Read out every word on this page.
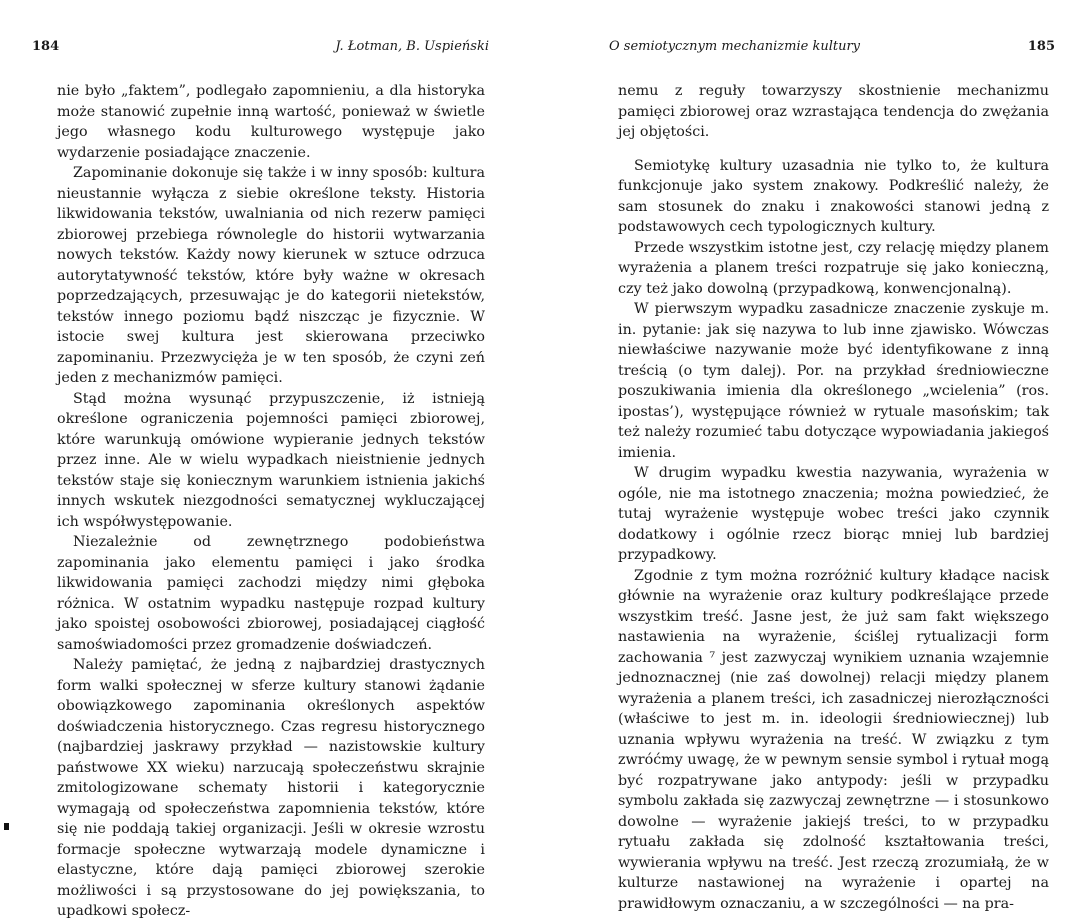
184	J. Łotman, B. Uspieński

nie było „faktem”, podlegało zapomnieniu, a dla historyka może stanowić zupełnie inną wartość, ponieważ w świetle jego własnego kodu kulturowego występuje jako wydarzenie posiadające znaczenie.

Zapominanie dokonuje się także i w inny sposób: kultura nieustannie wyłącza z siebie określone teksty. Historia likwidowania tekstów, uwalniania od nich rezerw pamięci zbiorowej przebiega równolegle do historii wytwarzania nowych tekstów. Każdy nowy kierunek w sztuce odrzuca autorytatywność tekstów, które były ważne w okresach poprzedzających, przesuwając je do kategorii nietekstów, tekstów innego poziomu bądź niszcząc je fizycznie. W istocie swej kultura jest skierowana przeciwko zapominaniu. Przezwycięża je w ten sposób, że czyni zeń jeden z mechanizmów pamięci.

Stąd można wysunąć przypuszczenie, iż istnieją określone ograniczenia pojemności pamięci zbiorowej, które warunkują omówione wypieranie jednych tekstów przez inne. Ale w wielu wypadkach nieistnienie jednych tekstów staje się koniecznym warunkiem istnienia jakichś innych wskutek niezgodności sematycznej wykluczającej ich współwystępowanie.

Niezależnie od zewnętrznego podobieństwa zapominania jako elementu pamięci i jako środka likwidowania pamięci zachodzi między nimi głęboka różnica. W ostatnim wypadku następuje rozpad kultury jako spoistej osobowości zbiorowej, posiadającej ciągłość samoświadomości przez gromadzenie doświadczeń.

Należy pamiętać, że jedną z najbardziej drastycznych form walki społecznej w sferze kultury stanowi żądanie obowiązkowego zapominania określonych aspektów doświadczenia historycznego. Czas regresu historycznego (najbardziej jaskrawy przykład — nazistowskie kultury państwowe XX wieku) narzucają społeczeństwu skrajnie zmitologizowane schematy historii i kategorycznie wymagają od społeczeństwa zapomnienia tekstów, które się nie poddają takiej organizacji. Jeśli w okresie wzrostu formacje społeczne wytwarzają modele dynamiczne i elastyczne, które dają pamięci zbiorowej szerokie możliwości i są przystosowane do jej powiększania, to upadkowi społecz-

O semiotycznym mechanizmie kultury	185

nemu z reguły towarzyszy skostnienie mechanizmu pamięci zbiorowej oraz wzrastająca tendencja do zwężania jej objętości.

Semiotykę kultury uzasadnia nie tylko to, że kultura funkcjonuje jako system znakowy. Podkreślić należy, że sam stosunek do znaku i znakowości stanowi jedną z podstawowych cech typologicznych kultury.

Przede wszystkim istotne jest, czy relację między planem wyrażenia a planem treści rozpatruje się jako konieczną, czy też jako dowolną (przypadkową, konwencjonalną).

W pierwszym wypadku zasadnicze znaczenie zyskuje m. in. pytanie: jak się nazywa to lub inne zjawisko. Wówczas niewłaściwe nazywanie może być identyfikowane z inną treścią (o tym dalej). Por. na przykład średniowieczne poszukiwania imienia dla określonego „wcielenia” (ros. ipostas’), występujące również w rytuale masońskim; tak też należy rozumieć tabu dotyczące wypowiadania jakiegoś imienia.

W drugim wypadku kwestia nazywania, wyrażenia w ogóle, nie ma istotnego znaczenia; można powiedzieć, że tutaj wyrażenie występuje wobec treści jako czynnik dodatkowy i ogólnie rzecz biorąc mniej lub bardziej przypadkowy.

Zgodnie z tym można rozróżnić kultury kładące nacisk głównie na wyrażenie oraz kultury podkreślające przede wszystkim treść. Jasne jest, że już sam fakt większego nastawienia na wyrażenie, ściślej rytualizacji form zachowania ⁷ jest zazwyczaj wynikiem uznania wzajemnie jednoznacznej (nie zaś dowolnej) relacji między planem wyrażenia a planem treści, ich zasadniczej nierozłączności (właściwe to jest m. in. ideologii średniowiecznej) lub uznania wpływu wyrażenia na treść. W związku z tym zwróćmy uwagę, że w pewnym sensie symbol i rytuał mogą być rozpatrywane jako antypody: jeśli w przypadku symbolu zakłada się zazwyczaj zewnętrzne — i stosunkowo dowolne — wyrażenie jakiejś treści, to w przypadku rytuału zakłada się zdolność kształtowania treści, wywierania wpływu na treść. Jest rzeczą zrozumiałą, że w kulturze nastawionej na wyrażenie i opartej na prawidłowym oznaczaniu, a w szczególności — na pra-
